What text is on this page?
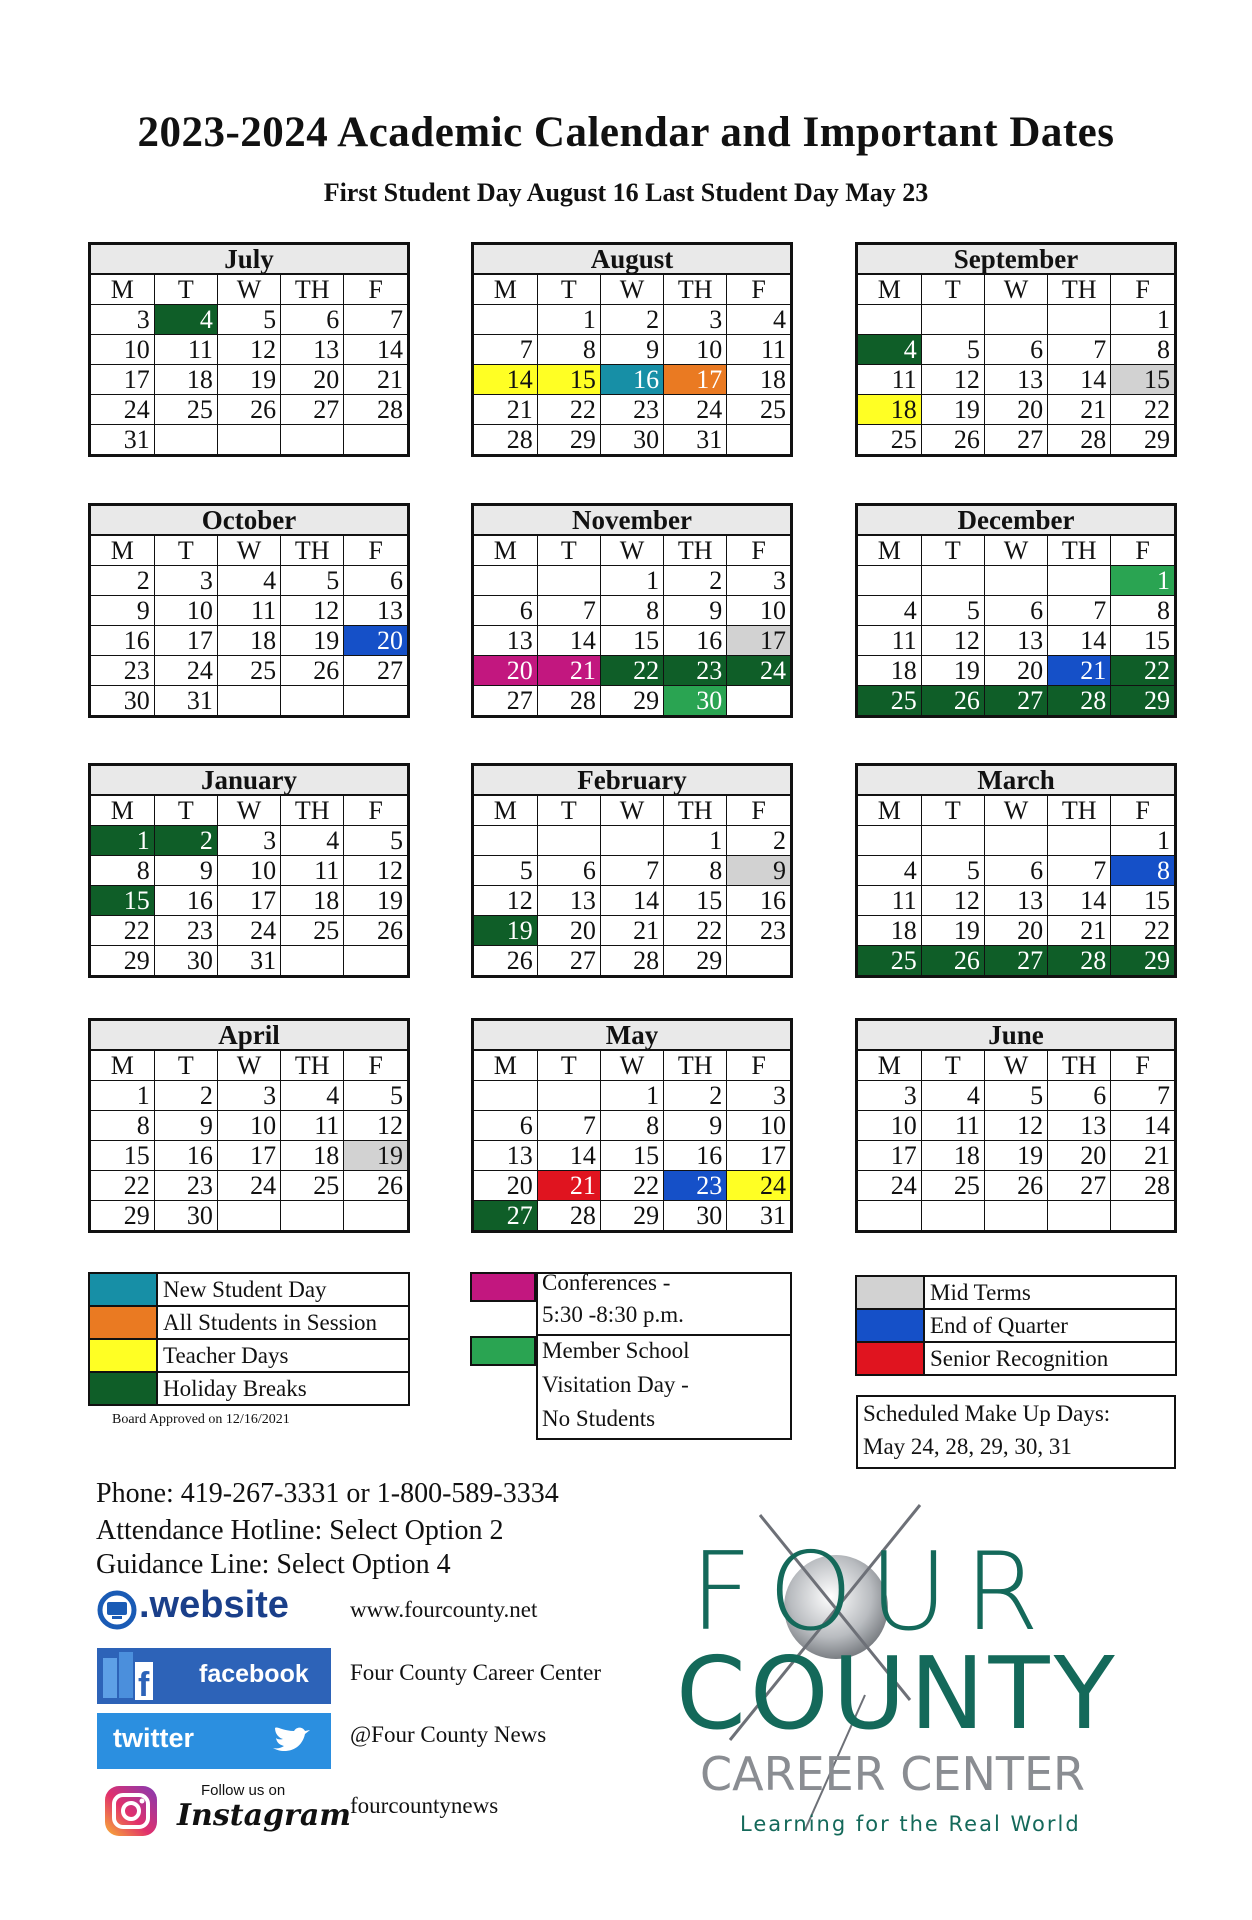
2023-2024 Academic Calendar and Important Dates
First Student Day August 16 Last Student Day May 23
July
M	T	W	TH	F
3	4	5	6	7
10	11	12	13	14
17	18	19	20	21
24	25	26	27	28
31				
August
M	T	W	TH	F
	1	2	3	4
7	8	9	10	11
14	15	16	17	18
21	22	23	24	25
28	29	30	31	
September
M	T	W	TH	F
				1
4	5	6	7	8
11	12	13	14	15
18	19	20	21	22
25	26	27	28	29
October
M	T	W	TH	F
2	3	4	5	6
9	10	11	12	13
16	17	18	19	20
23	24	25	26	27
30	31			
November
M	T	W	TH	F
		1	2	3
6	7	8	9	10
13	14	15	16	17
20	21	22	23	24
27	28	29	30	
December
M	T	W	TH	F
				1
4	5	6	7	8
11	12	13	14	15
18	19	20	21	22
25	26	27	28	29
January
M	T	W	TH	F
1	2	3	4	5
8	9	10	11	12
15	16	17	18	19
22	23	24	25	26
29	30	31		
February
M	T	W	TH	F
			1	2
5	6	7	8	9
12	13	14	15	16
19	20	21	22	23
26	27	28	29	
March
M	T	W	TH	F
				1
4	5	6	7	8
11	12	13	14	15
18	19	20	21	22
25	26	27	28	29
April
M	T	W	TH	F
1	2	3	4	5
8	9	10	11	12
15	16	17	18	19
22	23	24	25	26
29	30			
May
M	T	W	TH	F
		1	2	3
6	7	8	9	10
13	14	15	16	17
20	21	22	23	24
27	28	29	30	31
June
M	T	W	TH	F
3	4	5	6	7
10	11	12	13	14
17	18	19	20	21
24	25	26	27	28

New Student Day
All Students in Session
Teacher Days
Holiday Breaks
Board Approved on 12/16/2021
Conferences -
5:30 -8:30 p.m.
Member School
Visitation Day -
No Students
Mid Terms
End of Quarter
Senior Recognition
Scheduled Make Up Days:
May 24, 28, 29, 30, 31
Phone: 419-267-3331 or 1-800-589-3334
Attendance Hotline: Select Option 2
Guidance Line: Select Option 4
.website	www.fourcounty.net
f facebook Four County Career Center
twitter	@Four County News
Follow us on
Instagram fourcountynews
FOUR
COUNTY
CAREER CENTER
Learning for the Real World
